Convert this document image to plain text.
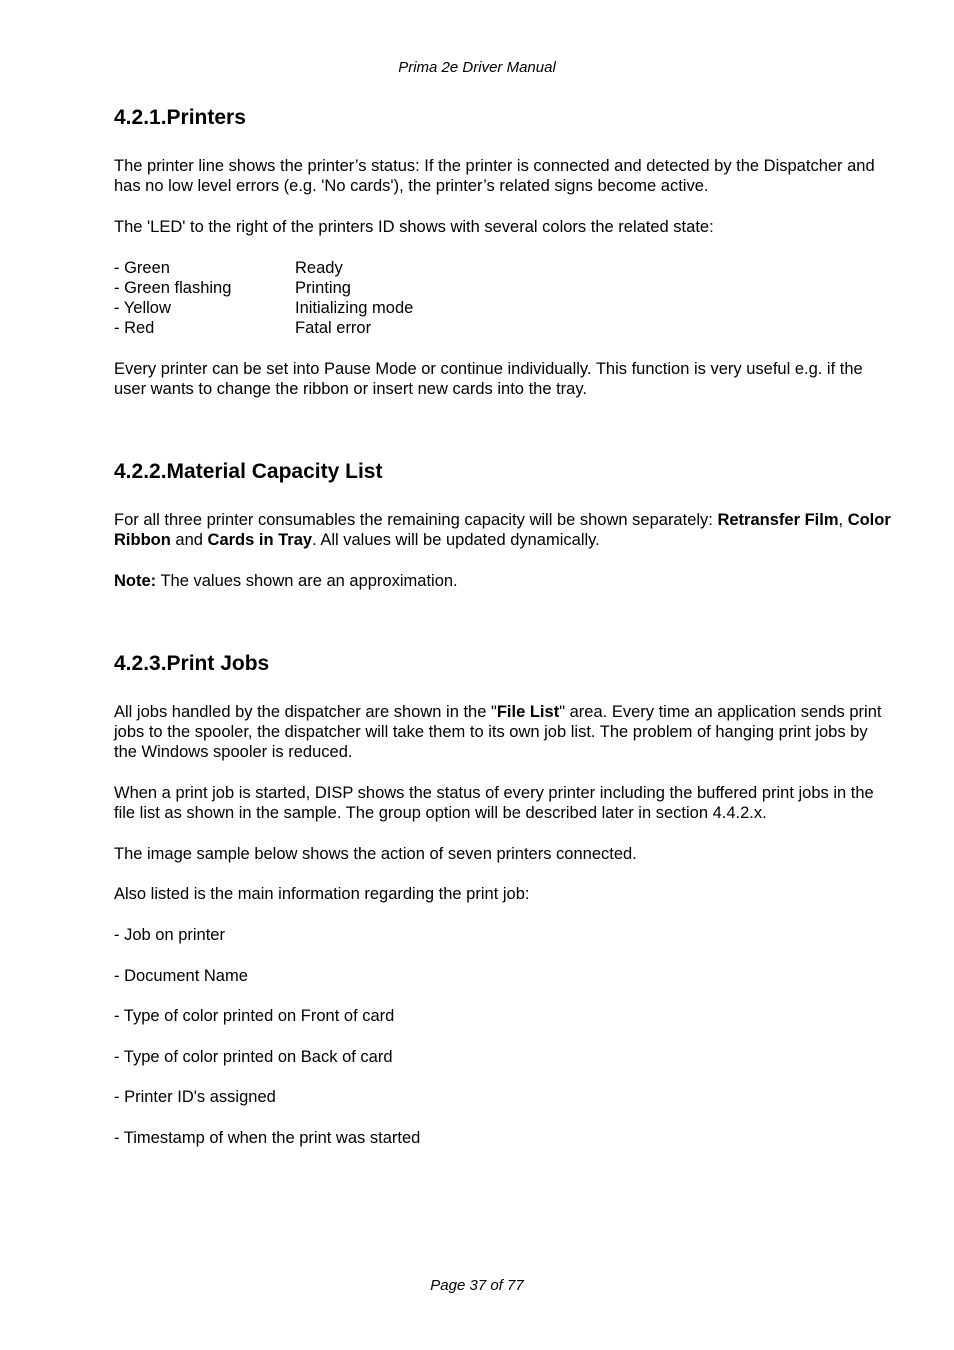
Prima 2e Driver Manual
4.2.1.Printers

The printer line shows the printer’s status: If the printer is connected and detected by the Dispatcher and has no low level errors (e.g. 'No cards'), the printer’s related signs become active.

The 'LED' to the right of the printers ID shows with several colors the related state:

- Green	Ready
- Green flashing	Printing
- Yellow	Initializing mode
- Red	Fatal error

Every printer can be set into Pause Mode or continue individually. This function is very useful e.g. if the user wants to change the ribbon or insert new cards into the tray.

4.2.2.Material Capacity List

For all three printer consumables the remaining capacity will be shown separately: Retransfer Film, Color Ribbon and Cards in Tray. All values will be updated dynamically.

Note: The values shown are an approximation.

4.2.3.Print Jobs

All jobs handled by the dispatcher are shown in the "File List" area. Every time an application sends print jobs to the spooler, the dispatcher will take them to its own job list. The problem of hanging print jobs by the Windows spooler is reduced.

When a print job is started, DISP shows the status of every printer including the buffered print jobs in the file list as shown in the sample. The group option will be described later in section 4.4.2.x.

The image sample below shows the action of seven printers connected.

Also listed is the main information regarding the print job:

- Job on printer

- Document Name

- Type of color printed on Front of card

- Type of color printed on Back of card

- Printer ID's assigned

- Timestamp of when the print was started

Page 37 of 77
